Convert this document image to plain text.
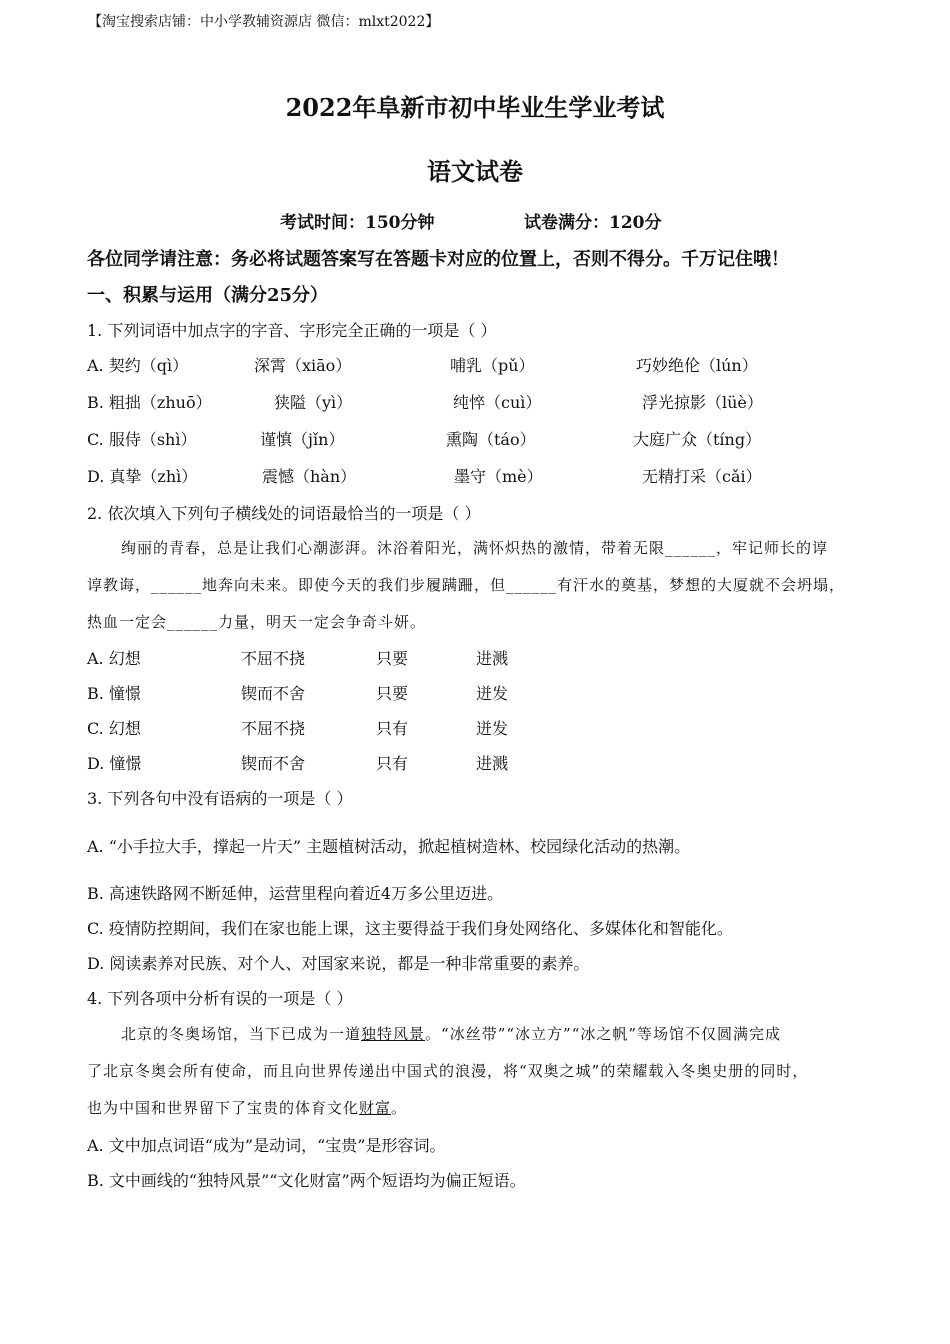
【淘宝搜索店铺：中小学教辅资源店 微信：mlxt2022】
2022年阜新市初中毕业生学业考试
语文试卷
考试时间：150分钟	试卷满分：120分
各位同学请注意：务必将试题答案写在答题卡对应的位置上，否则不得分。千万记住哦！
一、积累与运用（满分25分）
1. 下列词语中加点字的字音、字形完全正确的一项是（ ）
A. 契约（qì）	深霄（xiāo）	哺乳（pǔ）	巧妙绝伦（lún）
B. 粗拙（zhuō）	狭隘（yì）	纯悴（cuì）	浮光掠影（lüè）
C. 服侍（shì）	谨慎（jǐn）	熏陶（táo）	大庭广众（tíng）
D. 真挚（zhì）	震憾（hàn）	墨守（mè）	无精打采（cǎi）
2. 依次填入下列句子横线处的词语最恰当的一项是（ ）
绚丽的青春，总是让我们心潮澎湃。沐浴着阳光，满怀炽热的激情，带着无限______，牢记师长的谆
谆教诲，______地奔向未来。即使今天的我们步履蹒跚，但______有汗水的奠基，梦想的大厦就不会坍塌，
热血一定会______力量，明天一定会争奇斗妍。
A. 幻想	不屈不挠	只要	进溅
B. 憧憬	锲而不舍	只要	迸发
C. 幻想	不屈不挠	只有	迸发
D. 憧憬	锲而不舍	只有	进溅
3. 下列各句中没有语病的一项是（ ）
A. “小手拉大手，撑起一片天” 主题植树活动，掀起植树造林、校园绿化活动的热潮。
B. 高速铁路网不断延伸，运营里程向着近4万多公里迈进。
C. 疫情防控期间，我们在家也能上课，这主要得益于我们身处网络化、多媒体化和智能化。
D. 阅读素养对民族、对个人、对国家来说，都是一种非常重要的素养。
4. 下列各项中分析有误的一项是（ ）
北京的冬奥场馆，当下已成为一道独特风景。“冰丝带”“冰立方”“冰之帆”等场馆不仅圆满完成
了北京冬奥会所有使命，而且向世界传递出中国式的浪漫，将“双奥之城”的荣耀载入冬奥史册的同时，
也为中国和世界留下了宝贵的体育文化财富。
A. 文中加点词语“成为”是动词，“宝贵”是形容词。
B. 文中画线的“独特风景”“文化财富”两个短语均为偏正短语。
